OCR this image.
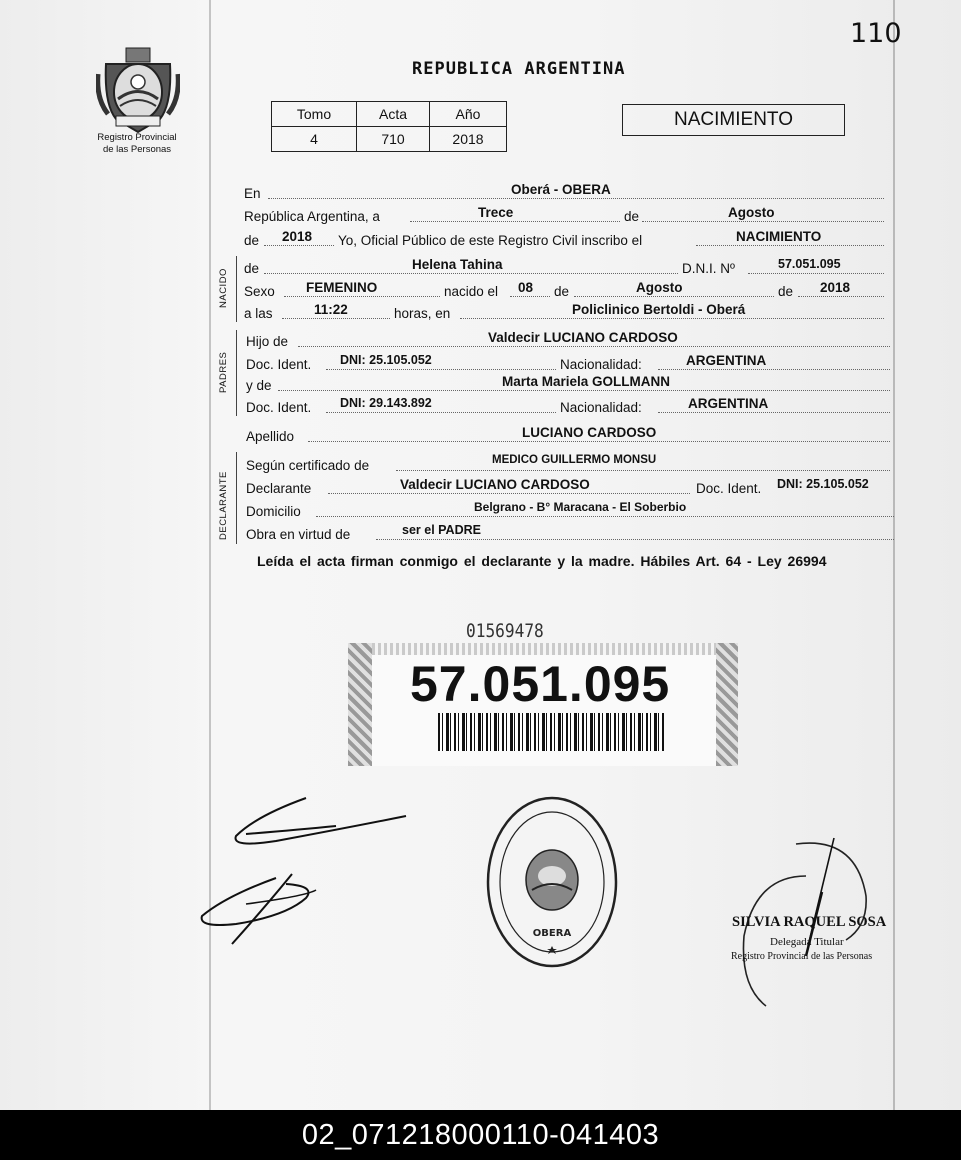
110
Registro Provincial
de las Personas
REPUBLICA ARGENTINA
Tomo	Acta	Año
4	710	2018
NACIMIENTO
En	Oberá - OBERA
República Argentina, a	Trece	de	Agosto
de 2018 Yo, Oficial Público de este Registro Civil inscribo el	NACIMIENTO
NACIDO de	Helena Tahina	D.N.I. Nº	57.051.095
Sexo FEMENINO	nacido el 08 de	Agosto	de 2018
a las	11:22	horas, en	Policlinico Bertoldi - Oberá
PADRES
Hijo de	Valdecir LUCIANO CARDOSO
Doc. Ident. DNI: 25.105.052	Nacionalidad:	ARGENTINA
y de	Marta Mariela GOLLMANN
Doc. Ident. DNI: 29.143.892	Nacionalidad:	ARGENTINA
Apellido	LUCIANO CARDOSO
DECLARANTE
Según certificado de	MEDICO GUILLERMO MONSU
Declarante	Valdecir LUCIANO CARDOSO	Doc. Ident. DNI: 25.105.052
Domicilio	Belgrano - B° Maracana - El Soberbio
Obra en virtud de	ser el PADRE
Leída el acta firman conmigo el declarante y la madre. Hábiles Art. 64 - Ley 26994
01569478
57.051.095
OBERA
SILVIA RAQUEL SOSA
Delegada Titular
Registro Provincial de las Personas
02_071218000110-041403
